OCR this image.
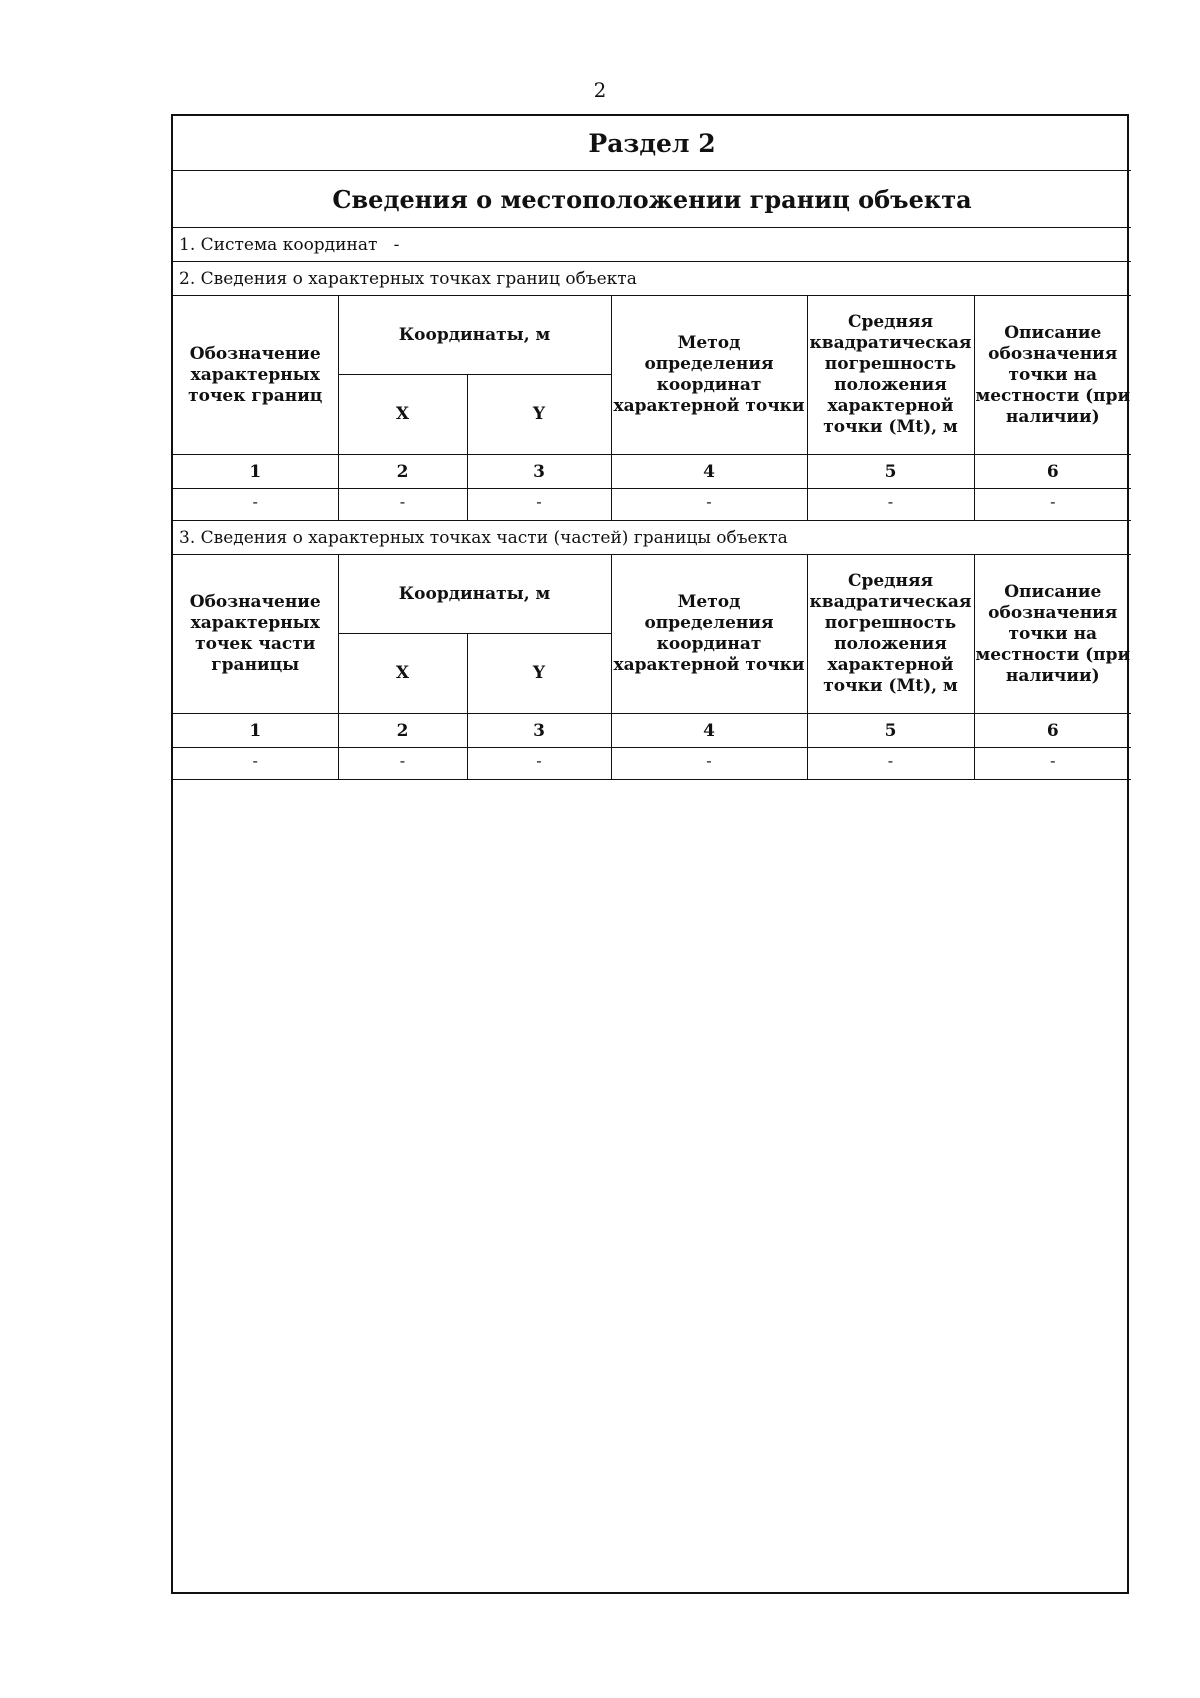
2
Раздел 2					
Сведения о местоположении границ объекта					
1. Система координат -					
2. Сведения о характерных точках границ объекта					
Обозначение характерных точек границ	Координаты, м		Метод определения координат характерной точки	Средняя квадратическая погрешность положения характерной точки (Mt), м	Описание обозначения точки на местности (при наличии)
	X	Y			
1	2	3	4	5	6
-	-	-	-	-	-
3. Сведения о характерных точках части (частей) границы объекта					
Обозначение характерных точек части границы	Координаты, м		Метод определения координат характерной точки	Средняя квадратическая погрешность положения характерной точки (Mt), м	Описание обозначения точки на местности (при наличии)
	X	Y			
1	2	3	4	5	6
-	-	-	-	-	-
